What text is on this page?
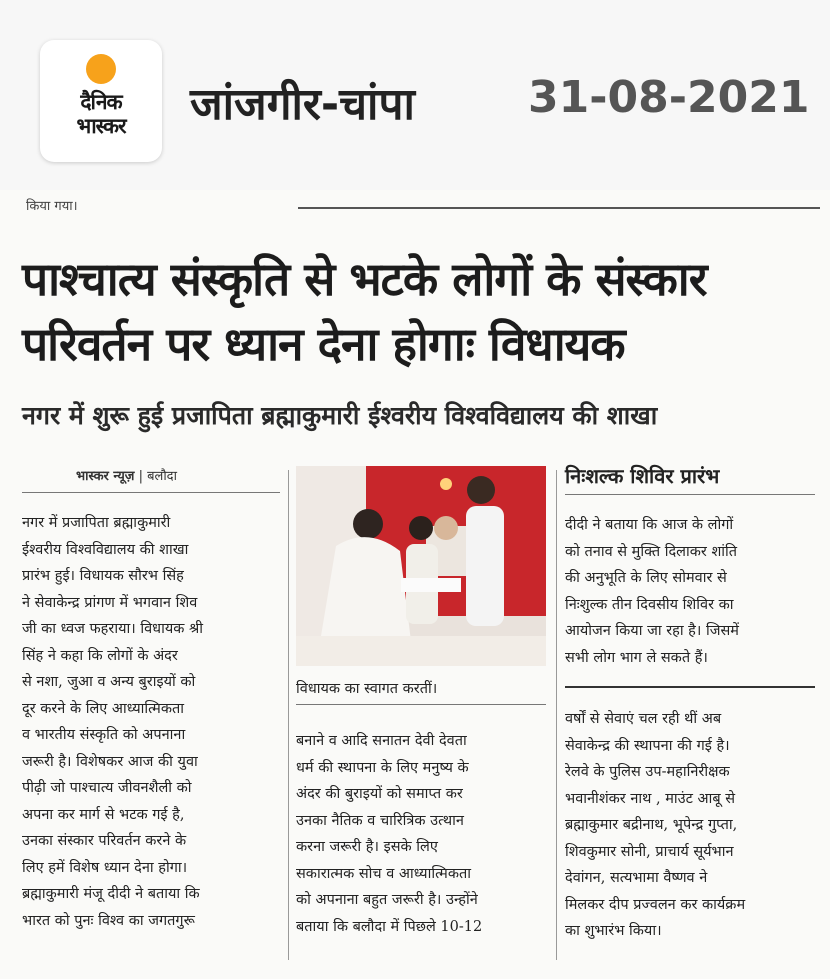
दैनिक
भास्कर	जांजगीर-चांपा	31-08-2021
किया गया।
पाश्चात्य संस्कृति से भटके लोगों के संस्कार
परिवर्तन पर ध्यान देना होगाः विधायक
नगर में शुरू हुई प्रजापिता ब्रह्माकुमारी ईश्वरीय विश्वविद्यालय की शाखा
भास्कर न्यूज़ | बलौदा
नगर में प्रजापिता ब्रह्माकुमारी
ईश्वरीय विश्वविद्यालय की शाखा
प्रारंभ हुई। विधायक सौरभ सिंह
ने सेवाकेन्द्र प्रांगण में भगवान शिव
जी का ध्वज फहराया। विधायक श्री
सिंह ने कहा कि लोगों के अंदर
से नशा, जुआ व अन्य बुराइयों को
दूर करने के लिए आध्यात्मिकता
व भारतीय संस्कृति को अपनाना
जरूरी है। विशेषकर आज की युवा
पीढ़ी जो पाश्चात्य जीवनशैली को
अपना कर मार्ग से भटक गई है,
उनका संस्कार परिवर्तन करने के
लिए हमें विशेष ध्यान देना होगा।
ब्रह्माकुमारी मंजू दीदी ने बताया कि
भारत को पुनः विश्व का जगतगुरू
विधायक का स्वागत करतीं।
बनाने व आदि सनातन देवी देवता
धर्म की स्थापना के लिए मनुष्य के
अंदर की बुराइयों को समाप्त कर
उनका नैतिक व चारित्रिक उत्थान
करना जरूरी है। इसके लिए
सकारात्मक सोच व आध्यात्मिकता
को अपनाना बहुत जरूरी है। उन्होंने
बताया कि बलौदा में पिछले 10-12
निःशल्क शिविर प्रारंभ
दीदी ने बताया कि आज के लोगों
को तनाव से मुक्ति दिलाकर शांति
की अनुभूति के लिए सोमवार से
निःशुल्क तीन दिवसीय शिविर का
आयोजन किया जा रहा है। जिसमें
सभी लोग भाग ले सकते हैं।
वर्षों से सेवाएं चल रही थीं अब
सेवाकेन्द्र की स्थापना की गई है।
रेलवे के पुलिस उप-महानिरीक्षक
भवानीशंकर नाथ , माउंट आबू से
ब्रह्माकुमार बद्रीनाथ, भूपेन्द्र गुप्ता,
शिवकुमार सोनी, प्राचार्य सूर्यभान
देवांगन, सत्यभामा वैष्णव ने
मिलकर दीप प्रज्वलन कर कार्यक्रम
का शुभारंभ किया।
